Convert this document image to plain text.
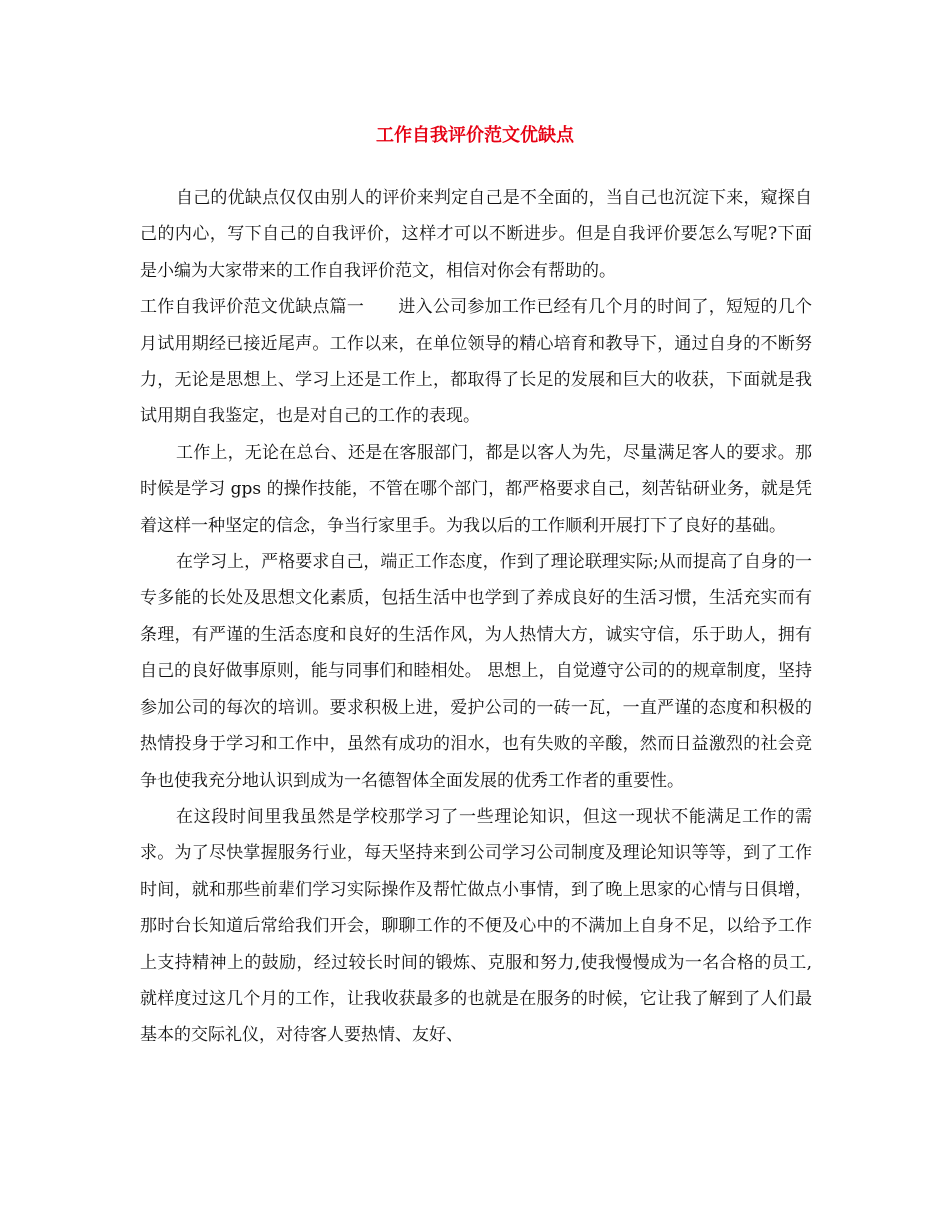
工作自我评价范文优缺点

自己的优缺点仅仅由别人的评价来判定自己是不全面的，当自己也沉淀下来，窥探自己的内心，写下自己的自我评价，这样才可以不断进步。但是自我评价要怎么写呢?下面是小编为大家带来的工作自我评价范文，相信对你会有帮助的。

工作自我评价范文优缺点篇一 进入公司参加工作已经有几个月的时间了，短短的几个月试用期经已接近尾声。工作以来，在单位领导的精心培育和教导下，通过自身的不断努力，无论是思想上、学习上还是工作上，都取得了长足的发展和巨大的收获，下面就是我试用期自我鉴定，也是对自己的工作的表现。

工作上，无论在总台、还是在客服部门，都是以客人为先，尽量满足客人的要求。那时候是学习 gps 的操作技能，不管在哪个部门，都严格要求自己，刻苦钻研业务，就是凭着这样一种坚定的信念，争当行家里手。为我以后的工作顺利开展打下了良好的基础。

在学习上，严格要求自己，端正工作态度，作到了理论联理实际;从而提高了自身的一专多能的长处及思想文化素质，包括生活中也学到了养成良好的生活习惯，生活充实而有条理，有严谨的生活态度和良好的生活作风，为人热情大方，诚实守信，乐于助人，拥有自己的良好做事原则，能与同事们和睦相处。 思想上，自觉遵守公司的的规章制度，坚持参加公司的每次的培训。要求积极上进，爱护公司的一砖一瓦，一直严谨的态度和积极的热情投身于学习和工作中，虽然有成功的泪水，也有失败的辛酸，然而日益激烈的社会竞争也使我充分地认识到成为一名德智体全面发展的优秀工作者的重要性。

在这段时间里我虽然是学校那学习了一些理论知识，但这一现状不能满足工作的需求。为了尽快掌握服务行业，每天坚持来到公司学习公司制度及理论知识等等，到了工作时间，就和那些前辈们学习实际操作及帮忙做点小事情，到了晚上思家的心情与日俱增，那时台长知道后常给我们开会，聊聊工作的不便及心中的不满加上自身不足，以给予工作上支持精神上的鼓励，经过较长时间的锻炼、克服和努力,使我慢慢成为一名合格的员工,就样度过这几个月的工作，让我收获最多的也就是在服务的时候，它让我了解到了人们最基本的交际礼仪，对待客人要热情、友好、
